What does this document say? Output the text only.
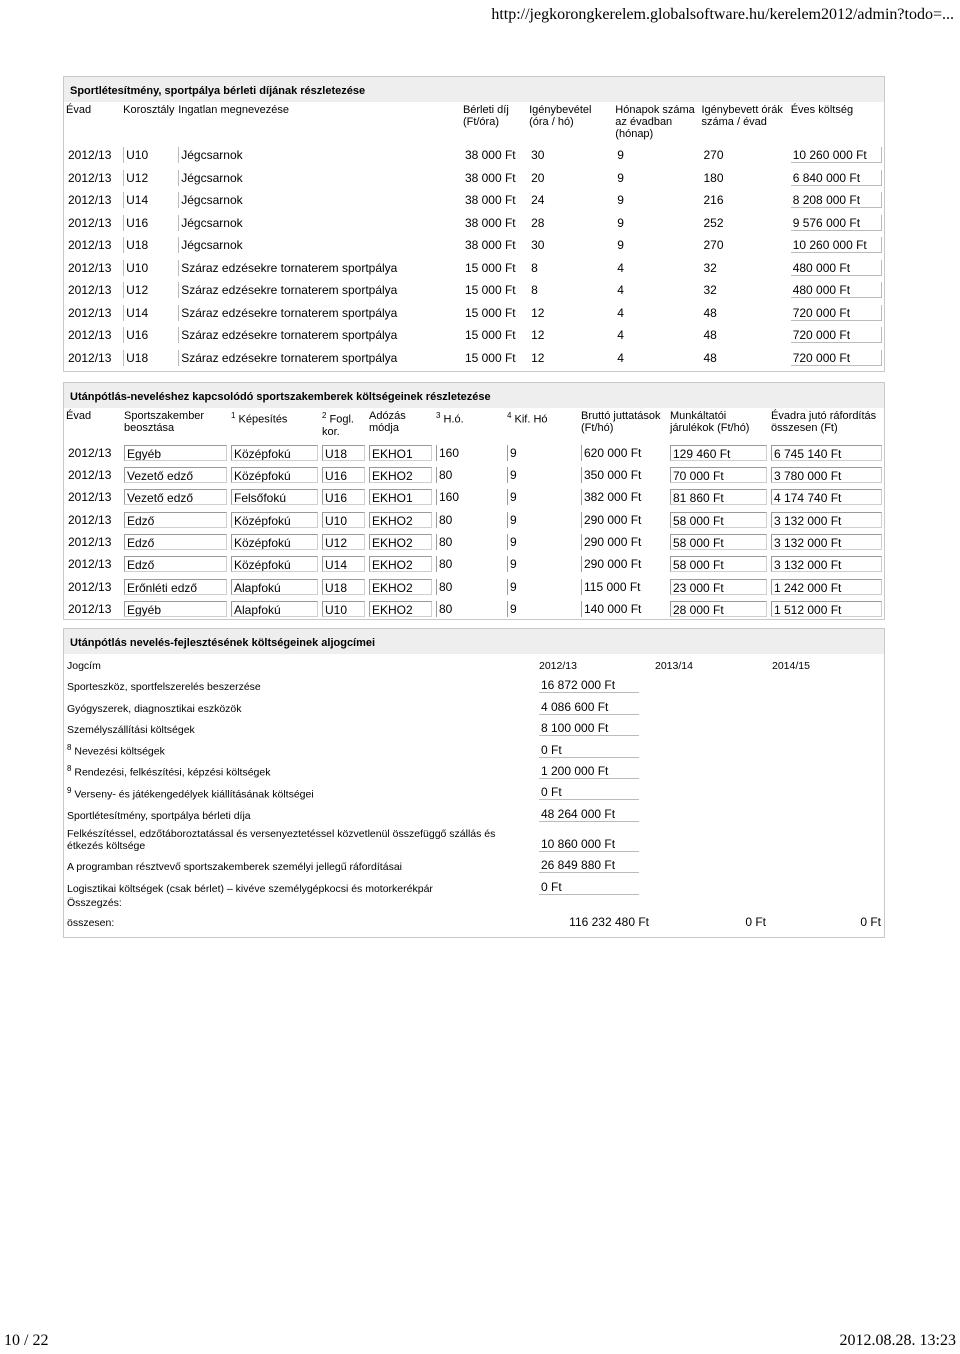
http://jegkorongkerelem.globalsoftware.hu/kerelem2012/admin?todo=...
Sportlétesítmény, sportpálya bérleti díjának részletezése
Évad	Korosztály	Ingatlan megnevezése	Bérleti díj (Ft/óra)	Igénybevétel (óra / hó)	Hónapok száma az évadban (hónap)	Igénybevett órák száma / évad	Éves költség

2012/13	U10	Jégcsarnok	38 000 Ft	30	9	270	10 260 000 Ft

2012/13	U12	Jégcsarnok	38 000 Ft	20	9	180	6 840 000 Ft

2012/13	U14	Jégcsarnok	38 000 Ft	24	9	216	8 208 000 Ft

2012/13	U16	Jégcsarnok	38 000 Ft	28	9	252	9 576 000 Ft

2012/13	U18	Jégcsarnok	38 000 Ft	30	9	270	10 260 000 Ft

2012/13	U10	Száraz edzésekre tornaterem sportpálya	15 000 Ft	8	4	32	480 000 Ft

2012/13	U12	Száraz edzésekre tornaterem sportpálya	15 000 Ft	8	4	32	480 000 Ft

2012/13	U14	Száraz edzésekre tornaterem sportpálya	15 000 Ft	12	4	48	720 000 Ft

2012/13	U16	Száraz edzésekre tornaterem sportpálya	15 000 Ft	12	4	48	720 000 Ft

2012/13	U18	Száraz edzésekre tornaterem sportpálya	15 000 Ft	12	4	48	720 000 Ft
Utánpótlás-neveléshez kapcsolódó sportszakemberek költségeinek részletezése
Évad	Sportszakember beosztása	$^1$ Képesítés	$^2$ Fogl. kor.	Adózás módja	$^3$ H.ó.	$^4$ Kif. Hó	Bruttó juttatások (Ft/hó)	Munkáltatói járulékok (Ft/hó)	Évadra jutó ráfordítás összesen (Ft)

2012/13	Egyéb	Középfokú	U18	EKHO1	160	9	620 000 Ft	129 460 Ft	6 745 140 Ft

2012/13	Vezető edző	Középfokú	U16	EKHO2	80	9	350 000 Ft	70 000 Ft	3 780 000 Ft

2012/13	Vezető edző	Felsőfokú	U16	EKHO1	160	9	382 000 Ft	81 860 Ft	4 174 740 Ft

2012/13	Edző	Középfokú	U10	EKHO2	80	9	290 000 Ft	58 000 Ft	3 132 000 Ft

2012/13	Edző	Középfokú	U12	EKHO2	80	9	290 000 Ft	58 000 Ft	3 132 000 Ft

2012/13	Edző	Középfokú	U14	EKHO2	80	9	290 000 Ft	58 000 Ft	3 132 000 Ft

2012/13	Erőnléti edző	Alapfokú	U18	EKHO2	80	9	115 000 Ft	23 000 Ft	1 242 000 Ft

2012/13	Egyéb	Alapfokú	U10	EKHO2	80	9	140 000 Ft	28 000 Ft	1 512 000 Ft
Utánpótlás nevelés-fejlesztésének költségeinek aljogcímei
Jogcím	2012/13	2013/14	2014/15
Sporteszköz, sportfelszerelés beszerzése	16 872 000 Ft		

Gyógyszerek, diagnosztikai eszközök	4 086 600 Ft		

Személyszállítási költségek	8 100 000 Ft		

$^8$ Nevezési költségek	0 Ft		

$^8$ Rendezési, felkészítési, képzési költségek	1 200 000 Ft		

$^9$ Verseny- és játékengedélyek kiállításának költségei	0 Ft		

Sportlétesítmény, sportpálya bérleti díja	48 264 000 Ft		

Felkészítéssel, edzőtáboroztatással és versenyeztetéssel közvetlenül összefüggő szállás és étkezés költsége	10 860 000 Ft		

A programban résztvevő sportszakemberek személyi jellegű ráfordításai	26 849 880 Ft		

Logisztikai költségek (csak bérlet) – kivéve személygépkocsi és motorkerékpár	0 Ft		

Összegzés:			
összesen:	116 232 480 Ft	0 Ft	0 Ft
10 / 22	2012.08.28. 13:23
